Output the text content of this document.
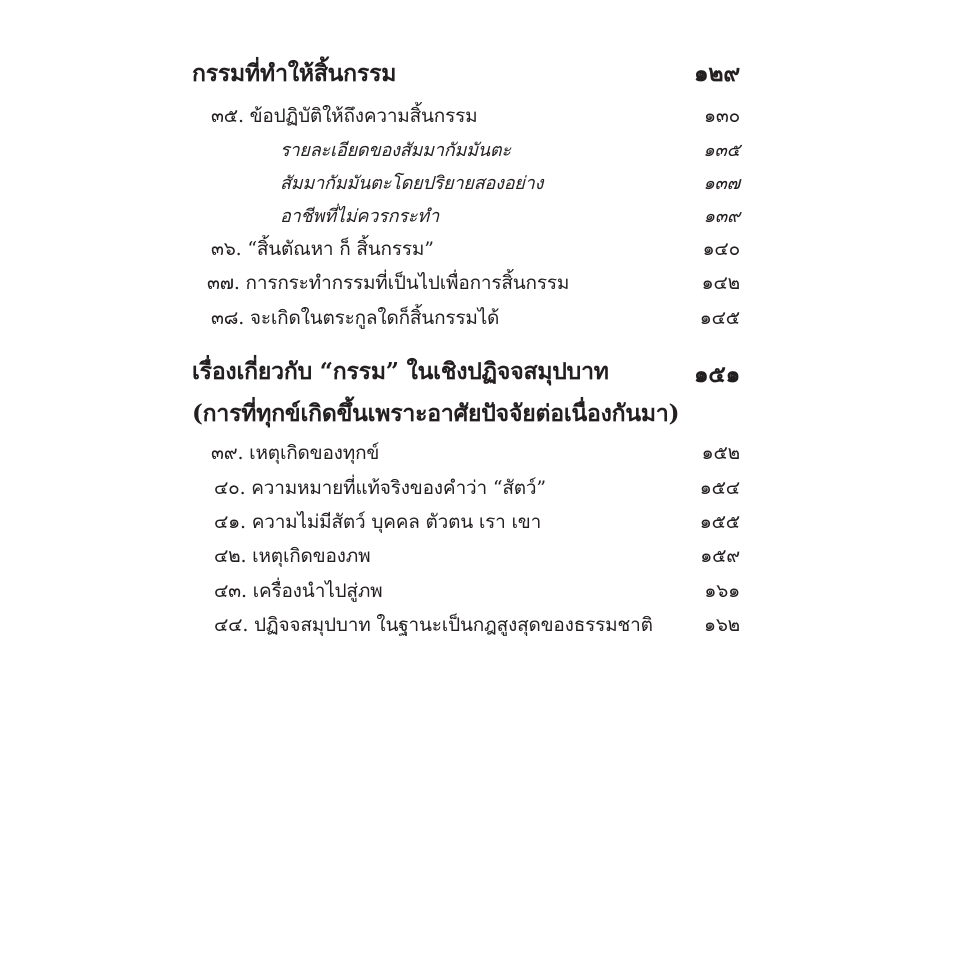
กรรมที่ทำให้สิ้นกรรม	๑๒๙
๓๕. ข้อปฏิบัติให้ถึงความสิ้นกรรม	๑๓๐
รายละเอียดของสัมมากัมมันตะ	๑๓๕
สัมมากัมมันตะโดยปริยายสองอย่าง	๑๓๗
อาชีพที่ไม่ควรกระทำ	๑๓๙
๓๖. “สิ้นตัณหา ก็ สิ้นกรรม”	๑๔๐
๓๗. การกระทำกรรมที่เป็นไปเพื่อการสิ้นกรรม	๑๔๒
๓๘. จะเกิดในตระกูลใดก็สิ้นกรรมได้	๑๔๕
เรื่องเกี่ยวกับ “กรรม” ในเชิงปฏิจจสมุปบาท	๑๕๑
(การที่ทุกข์เกิดขึ้นเพราะอาศัยปัจจัยต่อเนื่องกันมา)
๓๙. เหตุเกิดของทุกข์	๑๕๒
๔๐. ความหมายที่แท้จริงของคำว่า “สัตว์”	๑๕๔
๔๑. ความไม่มีสัตว์ บุคคล ตัวตน เรา เขา	๑๕๕
๔๒. เหตุเกิดของภพ	๑๕๙
๔๓. เครื่องนำไปสู่ภพ	๑๖๑
๔๔. ปฏิจจสมุปบาท ในฐานะเป็นกฎสูงสุดของธรรมชาติ	๑๖๒
